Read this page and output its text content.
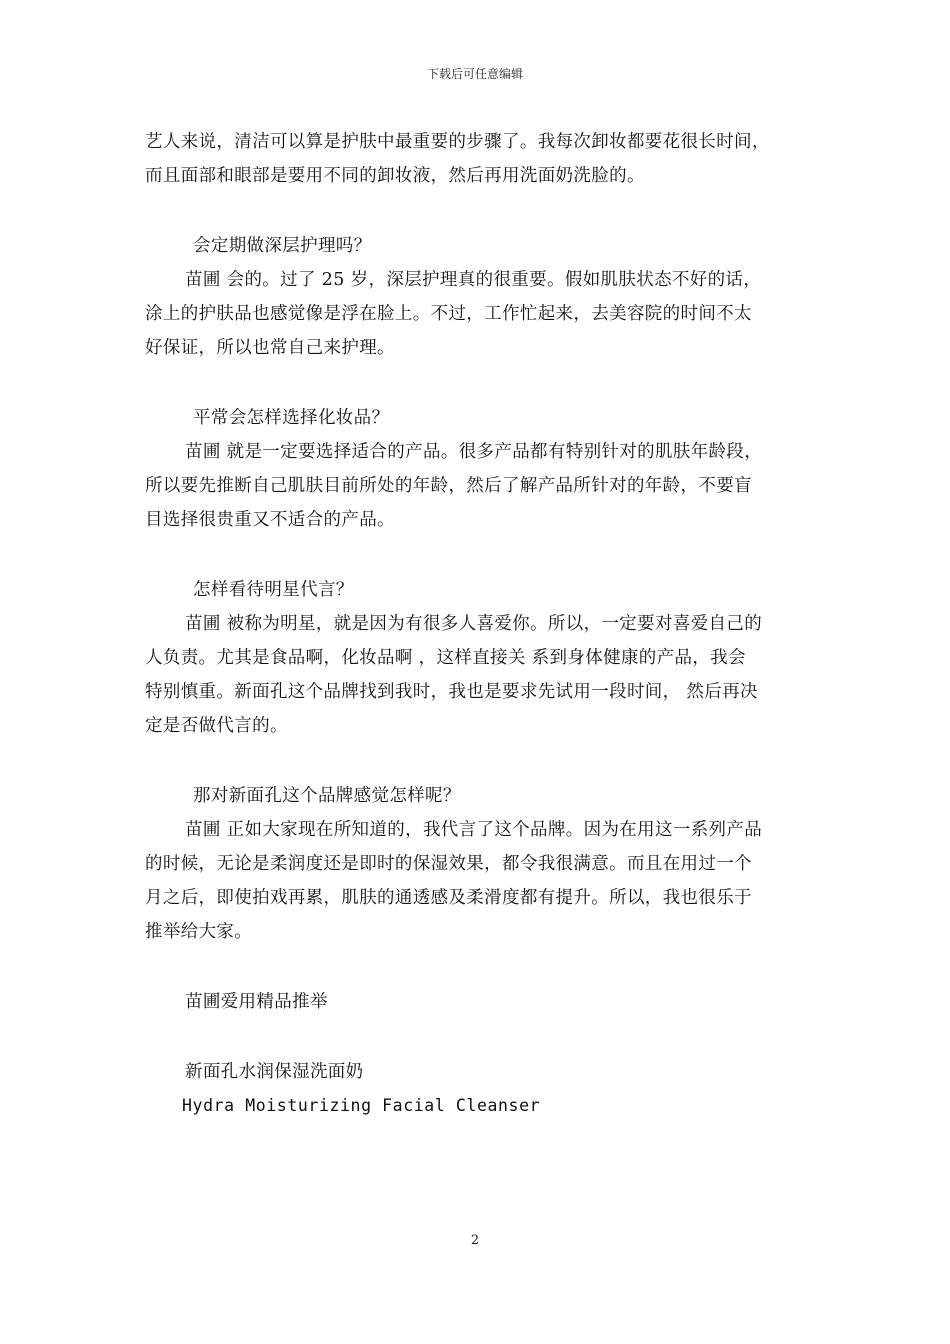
下载后可任意编辑
艺人来说，清洁可以算是护肤中最重要的步骤了。我每次卸妆都要花很长时间，
而且面部和眼部是要用不同的卸妆液，然后再用洗面奶洗脸的。
会定期做深层护理吗？
苗圃 会的。过了 25 岁，深层护理真的很重要。假如肌肤状态不好的话，
涂上的护肤品也感觉像是浮在脸上。不过，工作忙起来，去美容院的时间不太
好保证，所以也常自己来护理。
平常会怎样选择化妆品？
苗圃 就是一定要选择适合的产品。很多产品都有特别针对的肌肤年龄段，
所以要先推断自己肌肤目前所处的年龄，然后了解产品所针对的年龄，不要盲
目选择很贵重又不适合的产品。
怎样看待明星代言？
苗圃 被称为明星，就是因为有很多人喜爱你。所以，一定要对喜爱自己的
人负责。尤其是食品啊，化妆品啊 ，这样直接关 系到身体健康的产品，我会
特别慎重。新面孔这个品牌找到我时，我也是要求先试用一段时间， 然后再决
定是否做代言的。
那对新面孔这个品牌感觉怎样呢？
苗圃 正如大家现在所知道的，我代言了这个品牌。因为在用这一系列产品
的时候，无论是柔润度还是即时的保湿效果，都令我很满意。而且在用过一个
月之后，即使拍戏再累，肌肤的通透感及柔滑度都有提升。所以，我也很乐于
推举给大家。
苗圃爱用精品推举
新面孔水润保湿洗面奶
Hydra Moisturizing Facial Cleanser
2
